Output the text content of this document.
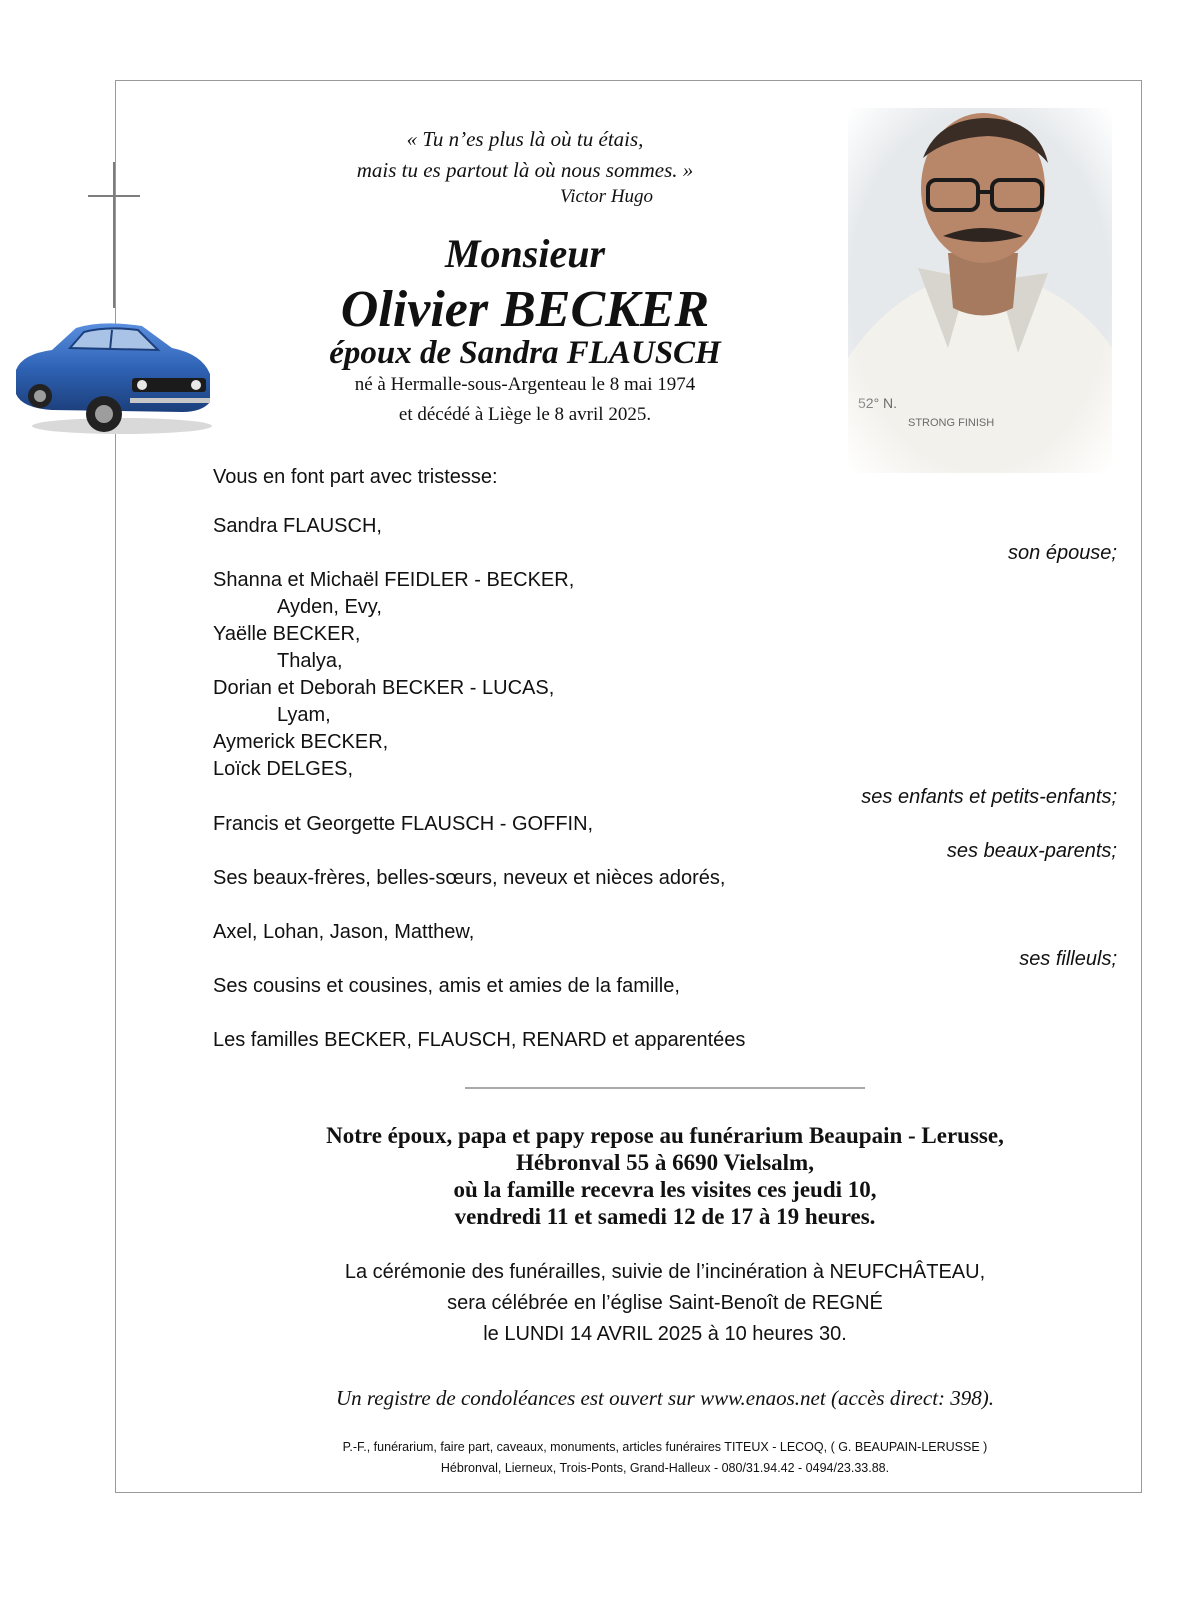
« Tu n’es plus là où tu étais,
mais tu es partout là où nous sommes. »
Victor Hugo
Monsieur
Olivier BECKER
époux de Sandra FLAUSCH
né à Hermalle-sous-Argenteau le 8 mai 1974
et décédé à Liège le 8 avril 2025.
Vous en font part avec tristesse:
Sandra FLAUSCH,
son épouse;
Shanna et Michaël FEIDLER - BECKER,
Ayden, Evy,
Yaëlle BECKER,
Thalya,
Dorian et Deborah BECKER - LUCAS,
Lyam,
Aymerick BECKER,
Loïck DELGES,
ses enfants et petits-enfants;
Francis et Georgette FLAUSCH - GOFFIN,
ses beaux-parents;
Ses beaux-frères, belles-sœurs, neveux et nièces adorés,
Axel, Lohan, Jason, Matthew,
ses filleuls;
Ses cousins et cousines, amis et amies de la famille,
Les familles BECKER, FLAUSCH, RENARD et apparentées
Notre époux, papa et papy repose au funérarium Beaupain - Lerusse,
Hébronval 55 à 6690 Vielsalm,
où la famille recevra les visites ces jeudi 10,
vendredi 11 et samedi 12 de 17 à 19 heures.
La cérémonie des funérailles, suivie de l’incinération à NEUFCHÂTEAU,
sera célébrée en l’église Saint-Benoît de REGNÉ
le LUNDI 14 AVRIL 2025 à 10 heures 30.
Un registre de condoléances est ouvert sur www.enaos.net (accès direct: 398).
P.-F., funérarium, faire part, caveaux, monuments, articles funéraires TITEUX - LECOQ, ( G. BEAUPAIN-LERUSSE )
Hébronval, Lierneux, Trois-Ponts, Grand-Halleux - 080/31.94.42 - 0494/23.33.88.
